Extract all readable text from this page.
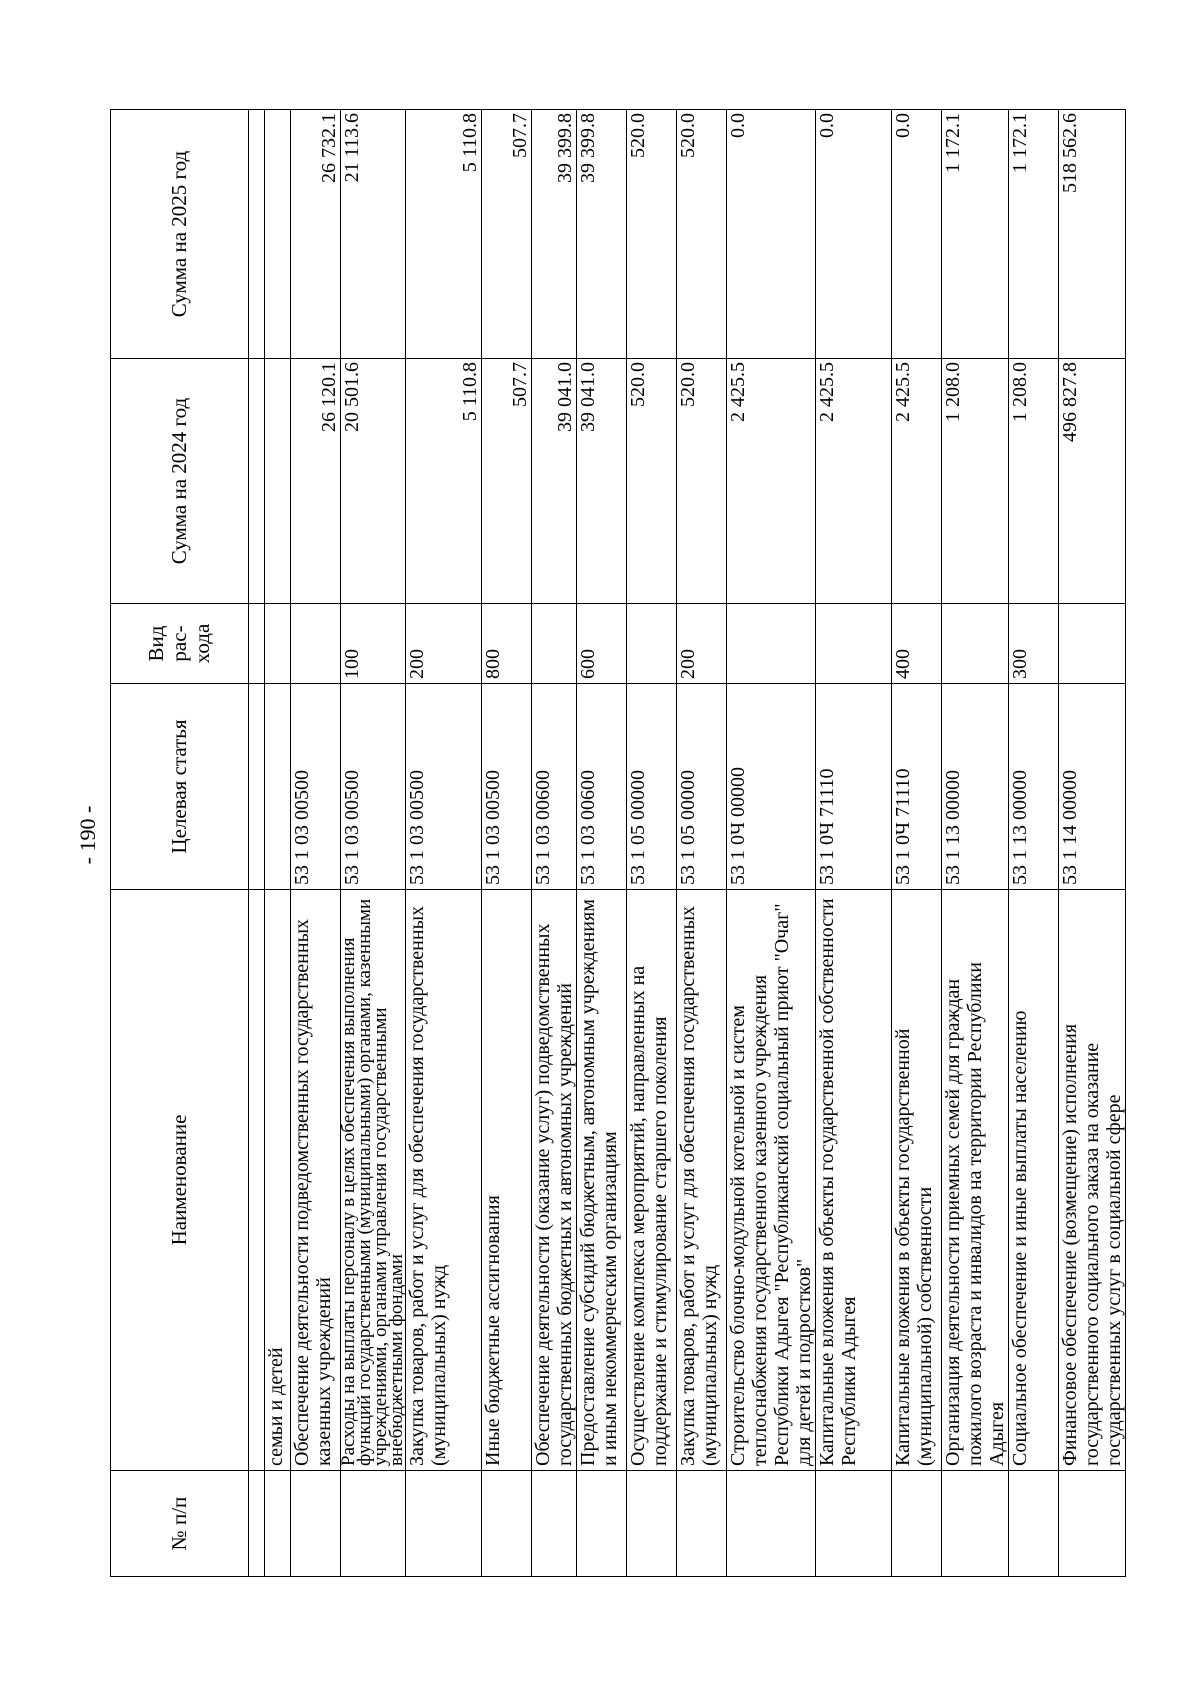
- 190 -
№ п/п	Наименование	Целевая статья	Вид рас-хода	Сумма на 2024 год	Сумма на 2025 год

	семьи и детей				
	Обеспечение деятельности подведомственных государственных казенных учреждений	53 1 03 00500		26 120.1	26 732.1
	Расходы на выплаты персоналу в целях обеспечения выполнения функций государственными (муниципальными) органами, казенными учреждениями, органами управления государственными внебюджетными фондами	53 1 03 00500	100	20 501.6	21 113.6
	Закупка товаров, работ и услуг для обеспечения государственных (муниципальных) нужд	53 1 03 00500	200	5 110.8	5 110.8
	Иные бюджетные ассигнования	53 1 03 00500	800	507.7	507.7
	Обеспечение деятельности (оказание услуг) подведомственных государственных бюджетных и автономных учреждений	53 1 03 00600		39 041.0	39 399.8
	Предоставление субсидий бюджетным, автономным учреждениям и иным некоммерческим организациям	53 1 03 00600	600	39 041.0	39 399.8
	Осуществление комплекса мероприятий, направленных на поддержание и стимулирование старшего поколения	53 1 05 00000		520.0	520.0
	Закупка товаров, работ и услуг для обеспечения государственных (муниципальных) нужд	53 1 05 00000	200	520.0	520.0
	Строительство блочно-модульной котельной и систем теплоснабжения государственного казенного учреждения Республики Адыгея "Республиканский социальный приют "Очаг" для детей и подростков"	53 1 0Ч 00000		2 425.5	0.0
	Капитальные вложения в объекты государственной собственности Республики Адыгея	53 1 0Ч 71110		2 425.5	0.0
	Капитальные вложения в объекты государственной (муниципальной) собственности	53 1 0Ч 71110	400	2 425.5	0.0
	Организация деятельности приемных семей для граждан пожилого возраста и инвалидов на территории Республики Адыгея	53 1 13 00000		1 208.0	1 172.1
	Социальное обеспечение и иные выплаты населению	53 1 13 00000	300	1 208.0	1 172.1
	Финансовое обеспечение (возмещение) исполнения государственного социального заказа на оказание государственных услуг в социальной сфере	53 1 14 00000		496 827.8	518 562.6
